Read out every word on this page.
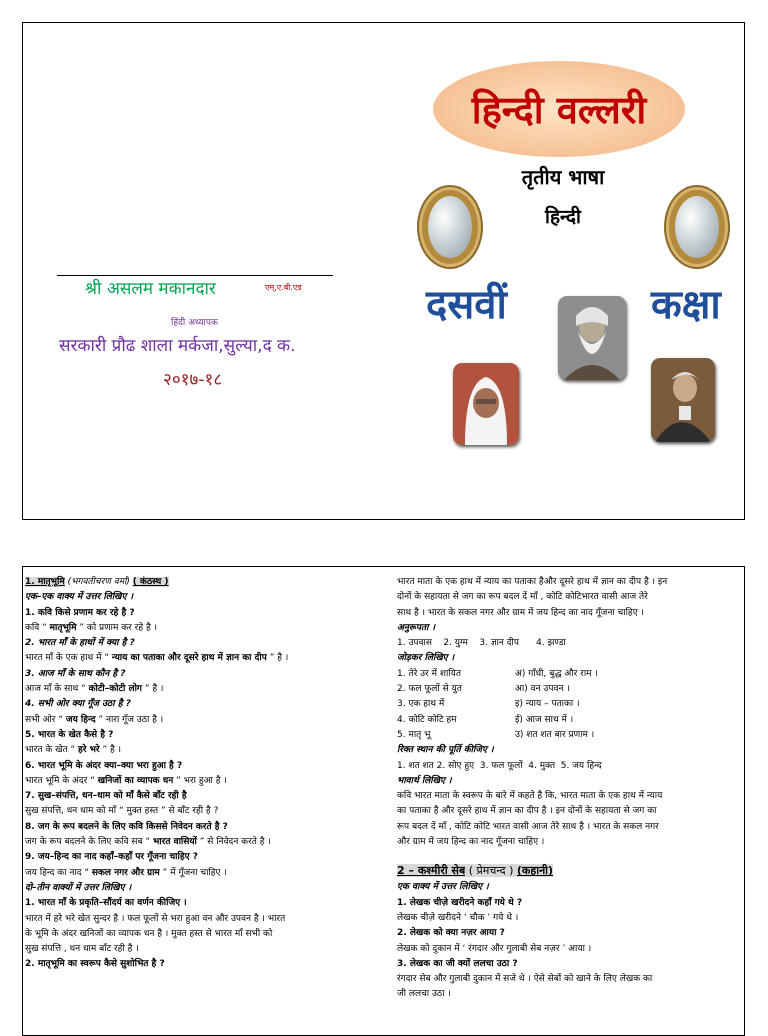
हिन्दी वल्लरी
तृतीय भाषा
हिन्दी
दसवीं	कक्षा
श्री असलम मकानदार	एम्,ए.बी.एड
हिंदी अध्यापक
सरकारी प्रौढ शाला मर्कजा,सुल्या,द क.
२०१७-१८
1. मातृभूमि (भगवतीचरण वर्मा) ( कंठस्थ )
एक–एक वाक्य में उत्तर लिखिए ।
1. कवि किसे प्रणाम कर रहे है ?
कवि “ मातृभूमि ” को प्रणाम कर रहे है ।
2. भारत माँ के हाथों में क्या है ?
भारत माँ के एक हाथ में “ न्याय का पताका और दूसरे हाथ में ज्ञान का दीप ” है ।
3. आज माँ के साथ कौन है ?
आज माँ के साथ “ कोटी–कोटी लोग ” है ।
4. सभी ओर क्या गूँज उठा है ?
सभी ओर “ जय हिन्द ” नारा गूँज उठा है ।
5. भारत के खेत कैसे है ?
भारत के खेत “ हरे भरे ” है ।
6. भारत भूमि के अंदर क्या–क्या भरा हुआ है ?
भारत भूमि के अंदर “ खनिजों का व्यापक धन ” भरा हुआ है ।
7. सुख–संपत्ति, धन–धाम को माँ कैसे बाँट रही है
सुख संपत्ति, धन धाम को माँ “ मुक्त हस्त ” से बाँट रही है ?
8. जग के रूप बदलने के लिए कवि किससे निवेदन करते है ?
जग के रूप बदलने के लिए कवि सब “ भारत वासियों ” से निवेदन करते है ।
9. जय–हिन्द का नाद कहाँ–कहाँ पर गूँजना चाहिए ?
जय हिन्द का नाद “ सकल नगर और ग्राम ” में गूँजना चाहिए ।
दो–तीन वाक्यों में उत्तर लिखिए ।
1. भारत माँ के प्रकृति–सौंदर्य का वर्णन कीजिए ।
भारत में हरे भरे खेत सुन्दर है । फल फूलों से भरा हुआ वन और उपवन है । भारत
के भूमि के अंदर खनिजों का व्यापक धन है । मुक्त हस्त से भारत माँ सभी को
सुख संपत्ति , धन धाम बाँट रही है ।
2. मातृभूमि का स्वरूप कैसे सुशोभित है ?
भारत माता के एक हाथ में न्याय का पताका हैऔर दूसरे हाथ में ज्ञान का दीप है । इन
दोनों के सहायता से जग का रूप बदल दें माँ , कोटि कोटिभारत वासी आज तेरे
साथ है । भारत के सकल नगर और ग्राम में जय हिन्द का नाद गूँजना चाहिए ।
अनुरूपता ।
1. उपवास    2. युग्म    3. ज्ञान दीप      4. झण्डा
जोड़कर लिखिए ।
1. तेरे उर में शायित	अ) गाँधी, बुद्ध और राम ।
2. फल फूलों से युत	आ) वन उपवन ।
3. एक हाथ में	इ) न्याय – पताका ।
4. कोटि कोटि हम	ई) आज साथ में ।
5. मातृ भू	उ) शत शत बार प्रणाम ।
रिक्त स्थान की पूर्ति कीजिए ।
1. शत शत 2. सोए हुए  3. फल फूलों  4. मुक्त  5. जय हिन्द
भावार्थ लिखिए ।
कवि भारत माता के स्वरूप के बारे में कहते है कि, भारत माता के एक हाथ में न्याय
का पताका है और दूसरे हाथ में ज्ञान का दीप है । इन दोनों के सहायता से जग का
रूप बदल दें माँ , कोटि कोटि भारत वासी आज तेरे साथ है । भारत के सकल नगर
और ग्राम में जय हिन्द का नाद गूँजना चाहिए ।
2 – कश्मीरी सेब ( प्रेमचन्द ) (कहानी)
एक वाक्य में उत्तर लिखिए ।
1. लेखक चीज़े खरीदने कहाँ गये थे ?
लेखक चीज़े खरीदने ‘ चौक ’ गये थे ।
2. लेखक को क्या नज़र आया ?
लेखक को दुकान में ‘ रंगदार और गुलाबी सेब नज़र ’ आया ।
3. लेखक का जी क्यों ललचा उठा ?
रंगदार सेब और गुलाबी दुकान में सजे थे । ऐसे सेबों को खाने के लिए लेखक का
जी ललचा उठा ।
